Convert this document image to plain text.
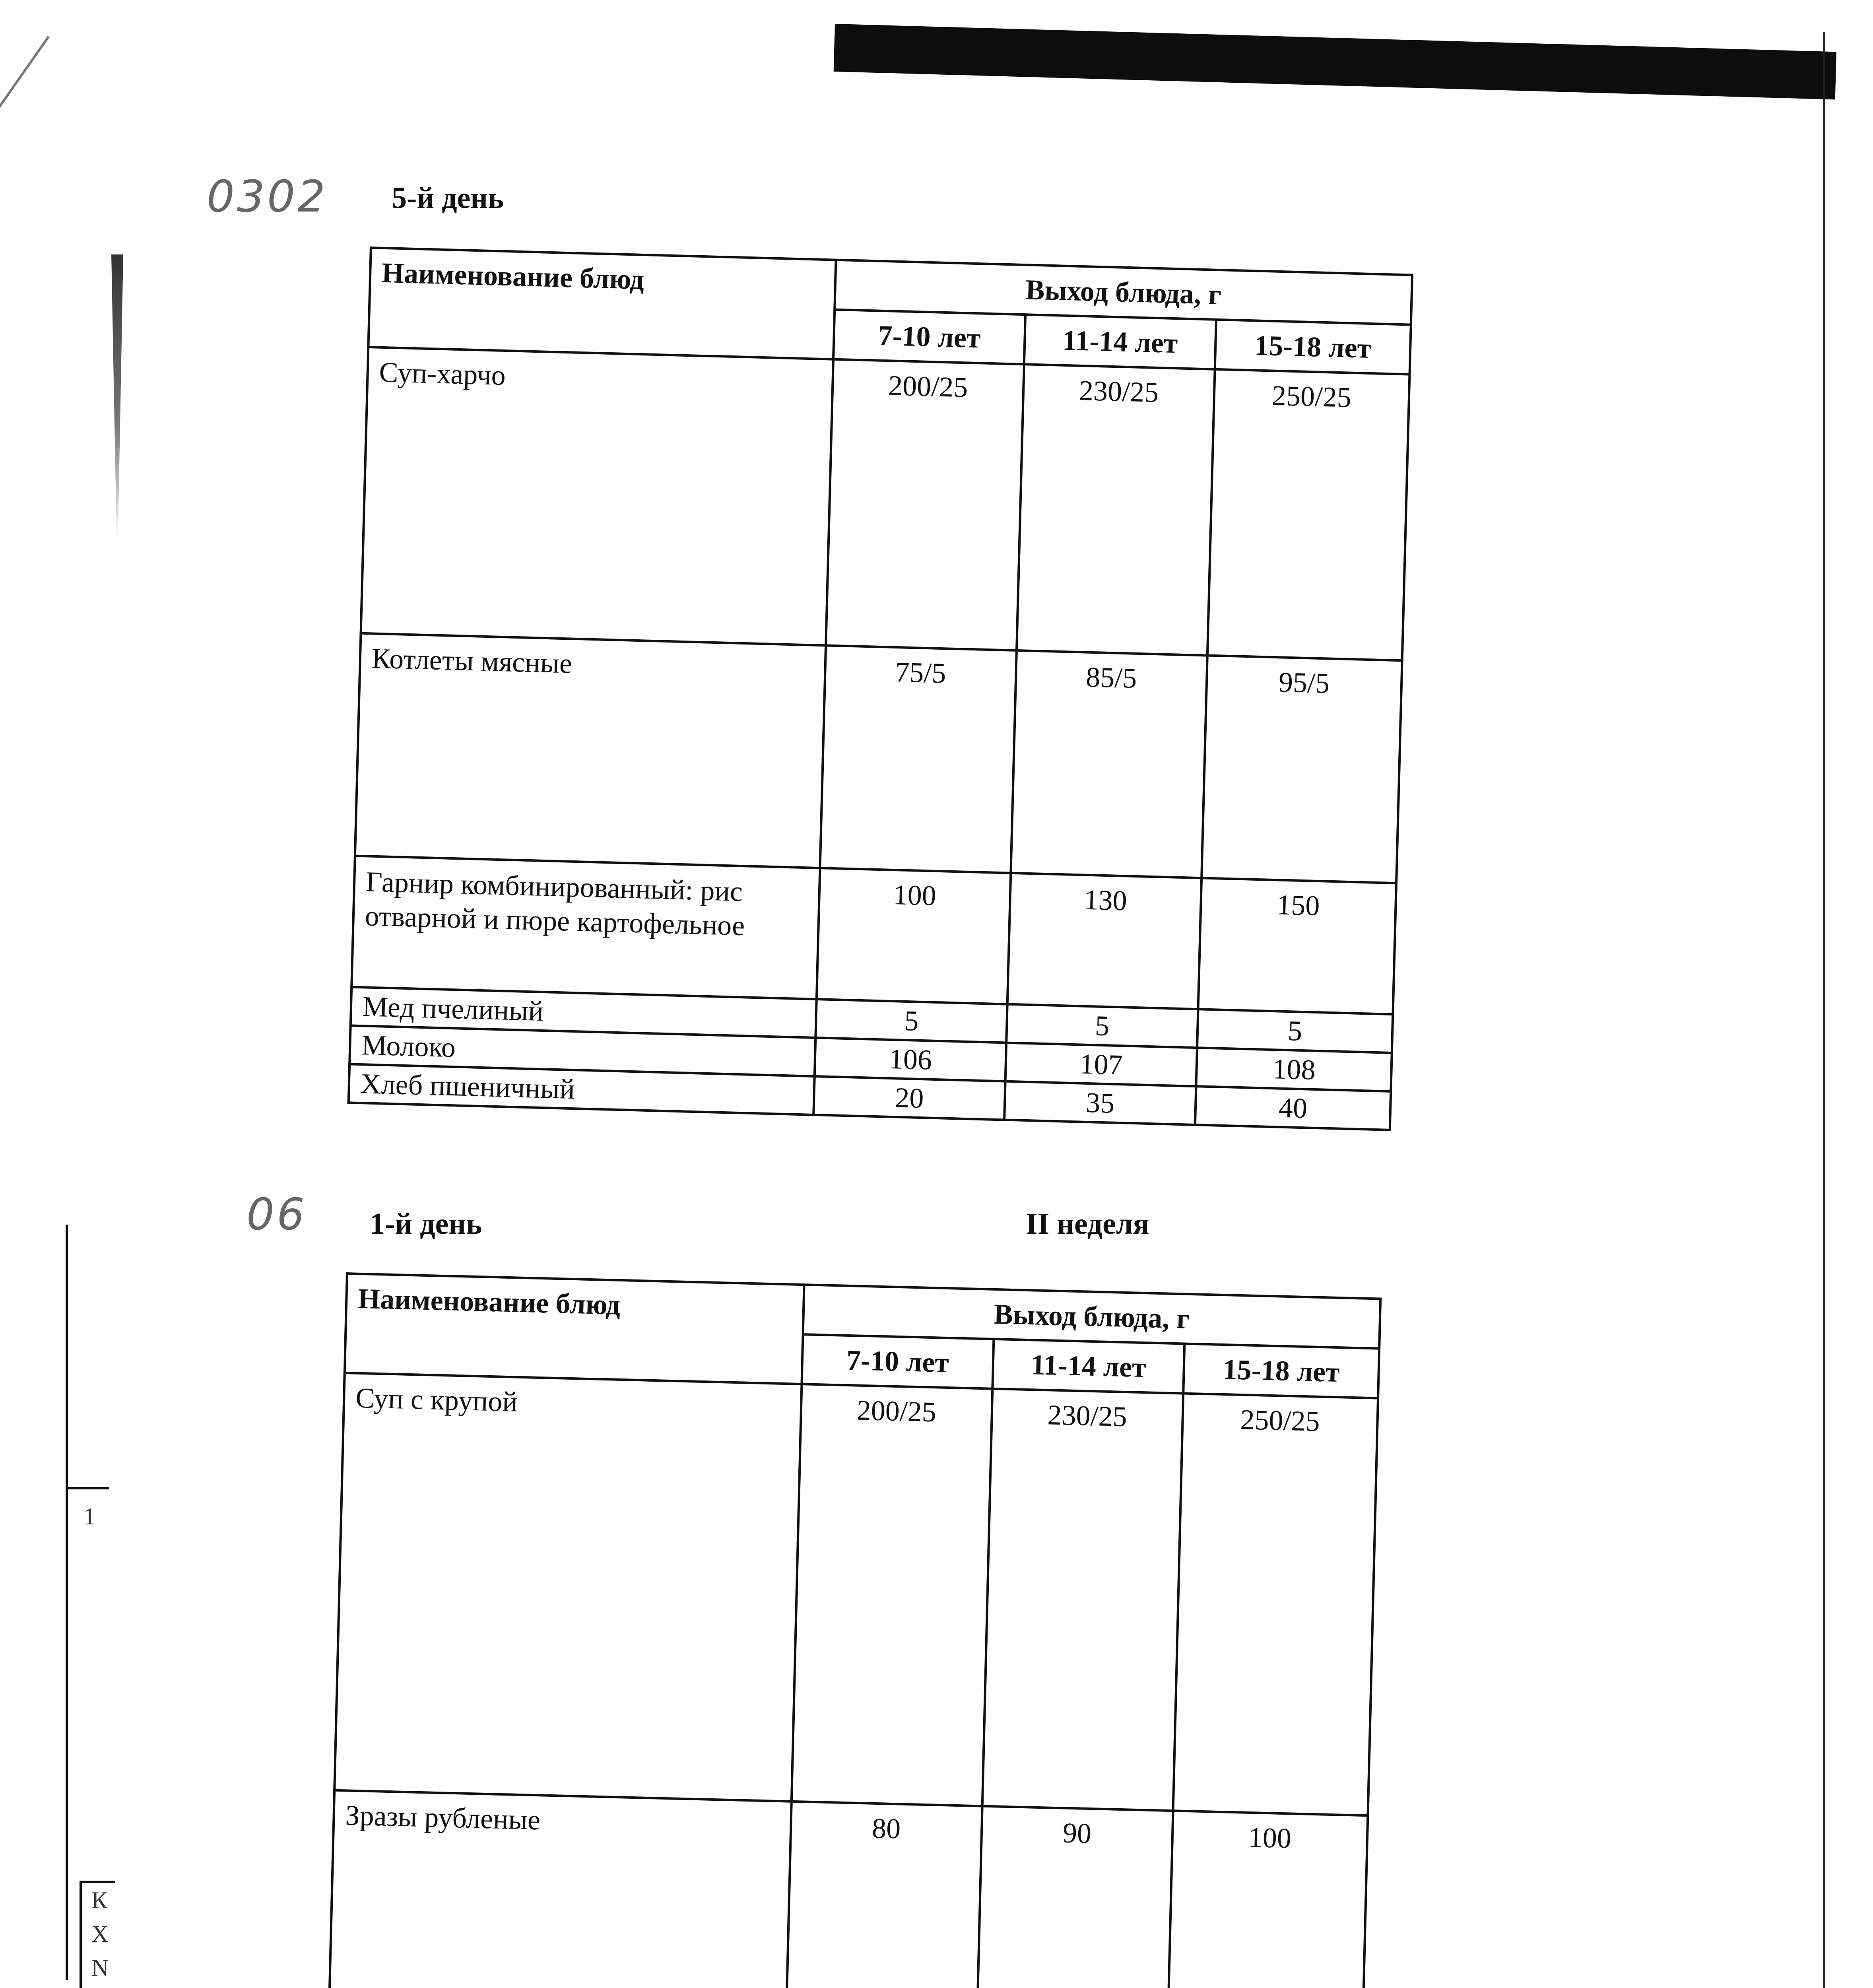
1
К
Х
N
0302
06
5-й день
Наименование блюд	Выход блюда, г		
	7-10 лет	11-14 лет	15-18 лет
Суп-харчо	200/25	230/25	250/25
Котлеты мясные	75/5	85/5	95/5
Гарнир комбинированный: рис отварной и пюре картофельное	100	130	150
Мед пчелиный	5	5	5
Молоко	106	107	108
Хлеб пшеничный	20	35	40
1-й день	II неделя
Наименование блюд	Выход блюда, г		
	7-10 лет	11-14 лет	15-18 лет
Суп с крупой	200/25	230/25	250/25
Зразы рубленые	80	90	100
